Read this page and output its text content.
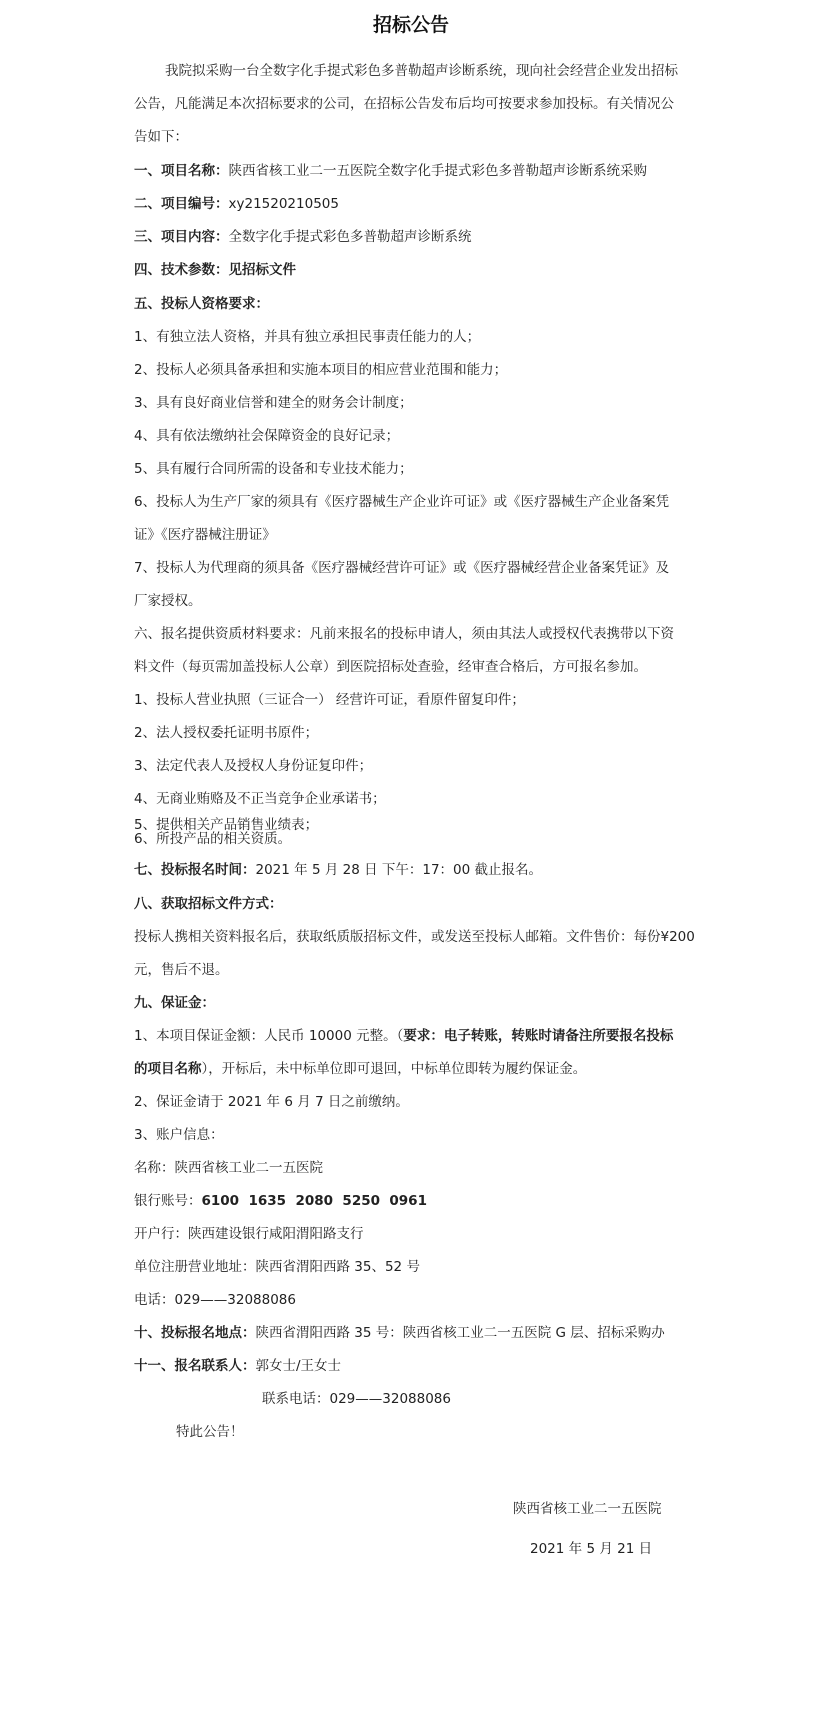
招标公告
我院拟采购一台全数字化手提式彩色多普勒超声诊断系统，现向社会经营企业发出招标
公告，凡能满足本次招标要求的公司，在招标公告发布后均可按要求参加投标。有关情况公
告如下：
一、项目名称：陕西省核工业二一五医院全数字化手提式彩色多普勒超声诊断系统采购
二、项目编号：xy21520210505
三、项目内容：全数字化手提式彩色多普勒超声诊断系统
四、技术参数：见招标文件
五、投标人资格要求：
1、有独立法人资格，并具有独立承担民事责任能力的人；
2、投标人必须具备承担和实施本项目的相应营业范围和能力；
3、具有良好商业信誉和建全的财务会计制度；
4、具有依法缴纳社会保障资金的良好记录；
5、具有履行合同所需的设备和专业技术能力；
6、投标人为生产厂家的须具有《医疗器械生产企业许可证》或《医疗器械生产企业备案凭
证》《医疗器械注册证》
7、投标人为代理商的须具备《医疗器械经营许可证》或《医疗器械经营企业备案凭证》及
厂家授权。
六、报名提供资质材料要求：凡前来报名的投标申请人，须由其法人或授权代表携带以下资
料文件（每页需加盖投标人公章）到医院招标处查验，经审查合格后，方可报名参加。
1、投标人营业执照（三证合一） 经营许可证，看原件留复印件；
2、法人授权委托证明书原件；
3、法定代表人及授权人身份证复印件；
4、无商业贿赂及不正当竞争企业承诺书；
5、提供相关产品销售业绩表；
6、所投产品的相关资质。
七、投标报名时间：2021 年 5 月 28 日 下午：17：00 截止报名。
八、获取招标文件方式：
投标人携相关资料报名后，获取纸质版招标文件，或发送至投标人邮箱。文件售价：每份¥200
元，售后不退。
九、保证金：
1、本项目保证金额：人民币 10000 元整。（要求：电子转账，转账时请备注所要报名投标
的项目名称），开标后，未中标单位即可退回，中标单位即转为履约保证金。
2、保证金请于 2021 年 6 月 7 日之前缴纳。
3、账户信息：
名称：陕西省核工业二一五医院
银行账号：6100  1635  2080  5250  0961
开户行：陕西建设银行咸阳渭阳路支行
单位注册营业地址：陕西省渭阳西路 35、52 号
电话：029——32088086
十、投标报名地点：陕西省渭阳西路 35 号：陕西省核工业二一五医院 G 层、招标采购办
十一、报名联系人：郭女士/王女士
联系电话：029——32088086
特此公告！
陕西省核工业二一五医院
2021 年 5 月 21 日
